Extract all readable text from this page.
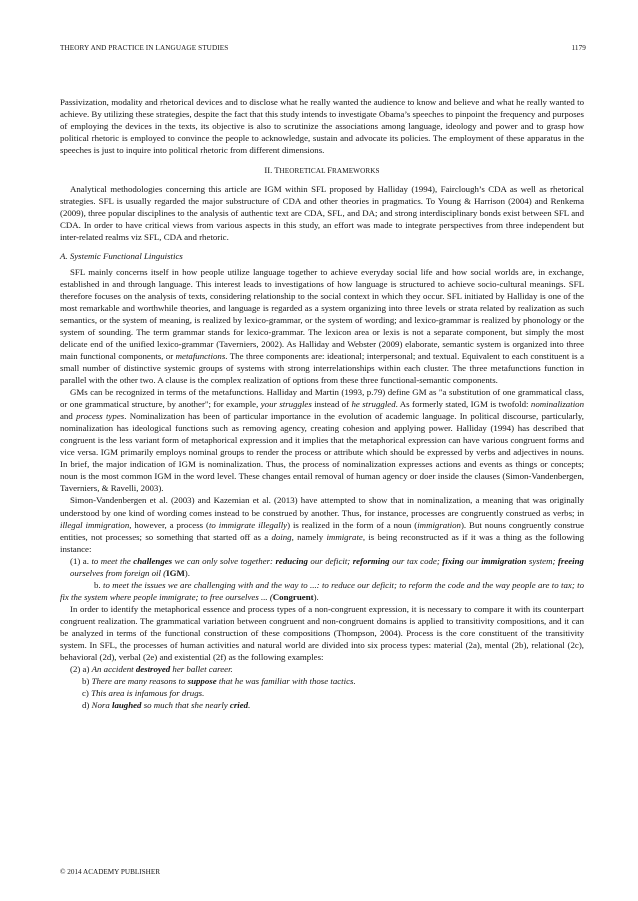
THEORY AND PRACTICE IN LANGUAGE STUDIES	1179

Passivization, modality and rhetorical devices and to disclose what he really wanted the audience to know and believe and what he really wanted to achieve. By utilizing these strategies, despite the fact that this study intends to investigate Obama’s speeches to pinpoint the frequency and purposes of employing the devices in the texts, its objective is also to scrutinize the associations among language, ideology and power and to grasp how political rhetoric is employed to convince the people to acknowledge, sustain and advocate its policies. The employment of these apparatus in the speeches is just to inquire into political rhetoric from different dimensions.

II. THEORETICAL FRAMEWORKS

Analytical methodologies concerning this article are IGM within SFL proposed by Halliday (1994), Fairclough’s CDA as well as rhetorical strategies. SFL is usually regarded the major substructure of CDA and other theories in pragmatics. To Young & Harrison (2004) and Renkema (2009), three popular disciplines to the analysis of authentic text are CDA, SFL, and DA; and strong interdisciplinary bonds exist between SFL and CDA. In order to have critical views from various aspects in this study, an effort was made to integrate perspectives from three independent but inter-related realms viz SFL, CDA and rhetoric.

A. Systemic Functional Linguistics

SFL mainly concerns itself in how people utilize language together to achieve everyday social life and how social worlds are, in exchange, established in and through language. This interest leads to investigations of how language is structured to achieve socio-cultural meanings. SFL therefore focuses on the analysis of texts, considering relationship to the social context in which they occur. SFL initiated by Halliday is one of the most remarkable and worthwhile theories, and language is regarded as a system organizing into three levels or strata related by realization as such semantics, or the system of meaning, is realized by lexico-grammar, or the system of wording; and lexico-grammar is realized by phonology or the system of sounding. The term grammar stands for lexico-grammar. The lexicon area or lexis is not a separate component, but simply the most delicate end of the unified lexico-grammar (Taverniers, 2002). As Halliday and Webster (2009) elaborate, semantic system is organized into three main functional components, or metafunctions. The three components are: ideational; interpersonal; and textual. Equivalent to each constituent is a small number of distinctive systemic groups of systems with strong interrelationships within each cluster. The three metafunctions function in parallel with the other two. A clause is the complex realization of options from these three functional-semantic components.

GMs can be recognized in terms of the metafunctions. Halliday and Martin (1993, p.79) define GM as "a substitution of one grammatical class, or one grammatical structure, by another"; for example, your struggles instead of he struggled. As formerly stated, IGM is twofold: nominalization and process types. Nominalization has been of particular importance in the evolution of academic language. In political discourse, particularly, nominalization has ideological functions such as removing agency, creating cohesion and applying power. Halliday (1994) has described that congruent is the less variant form of metaphorical expression and it implies that the metaphorical expression can have various congruent forms and vice versa. IGM primarily employs nominal groups to render the process or attribute which should be expressed by verbs and adjectives in nouns. In brief, the major indication of IGM is nominalization. Thus, the process of nominalization expresses actions and events as things or concepts; noun is the most common IGM in the word level. These changes entail removal of human agency or doer inside the clauses (Simon-Vandenbergen, Taverniers, & Ravelli, 2003).

Simon-Vandenbergen et al. (2003) and Kazemian et al. (2013) have attempted to show that in nominalization, a meaning that was originally understood by one kind of wording comes instead to be construed by another. Thus, for instance, processes are congruently construed as verbs; in illegal immigration, however, a process (to immigrate illegally) is realized in the form of a noun (immigration). But nouns congruently construe entities, not processes; so something that started off as a doing, namely immigrate, is being reconstructed as if it was a thing as the following instance:

(1) a. to meet the challenges we can only solve together: reducing our deficit; reforming our tax code; fixing our immigration system; freeing ourselves from foreign oil (IGM).

b. to meet the issues we are challenging with and the way to ...: to reduce our deficit; to reform the code and the way people are to tax; to fix the system where people immigrate; to free ourselves ... (Congruent).

In order to identify the metaphorical essence and process types of a non-congruent expression, it is necessary to compare it with its counterpart congruent realization. The grammatical variation between congruent and non-congruent domains is applied to transitivity compositions, and it can be analyzed in terms of the functional construction of these compositions (Thompson, 2004). Process is the core constituent of the transitivity system. In SFL, the processes of human activities and natural world are divided into six process types: material (2a), mental (2b), relational (2c), behavioral (2d), verbal (2e) and existential (2f) as the following examples:

(2) a) An accident destroyed her ballet career.

b) There are many reasons to suppose that he was familiar with those tactics.

c) This area is infamous for drugs.

d) Nora laughed so much that she nearly cried.

© 2014 ACADEMY PUBLISHER
